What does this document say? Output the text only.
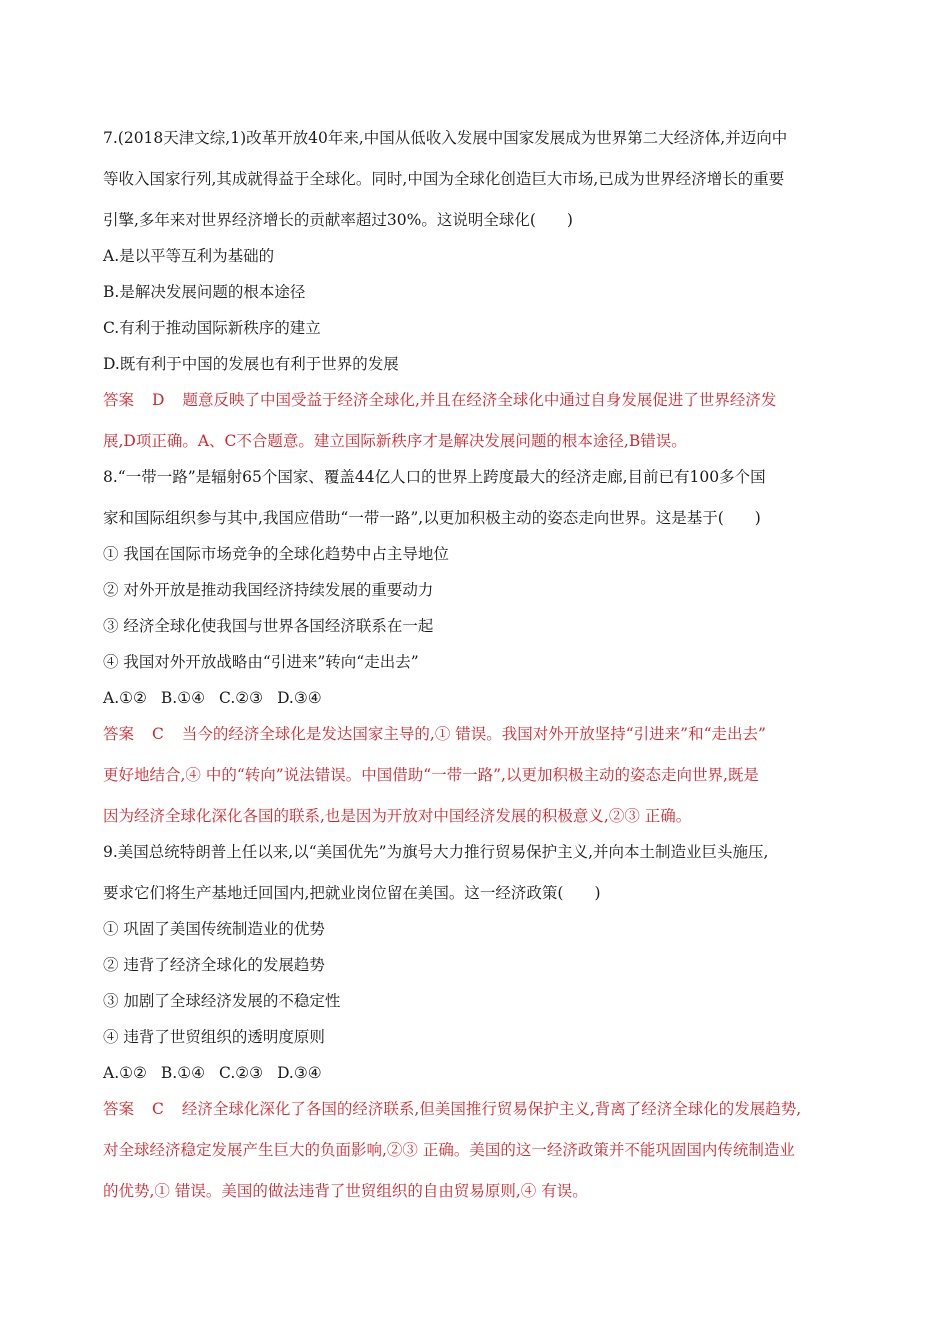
7.(2018天津文综,1)改革开放40年来,中国从低收入发展中国家发展成为世界第二大经济体,并迈向中
等收入国家行列,其成就得益于全球化。同时,中国为全球化创造巨大市场,已成为世界经济增长的重要
引擎,多年来对世界经济增长的贡献率超过30%。这说明全球化(　　)
A.是以平等互利为基础的
B.是解决发展问题的根本途径
C.有利于推动国际新秩序的建立
D.既有利于中国的发展也有利于世界的发展
答案 D 题意反映了中国受益于经济全球化,并且在经济全球化中通过自身发展促进了世界经济发
展,D项正确。A、C不合题意。建立国际新秩序才是解决发展问题的根本途径,B错误。
8.“一带一路”是辐射65个国家、覆盖44亿人口的世界上跨度最大的经济走廊,目前已有100多个国
家和国际组织参与其中,我国应借助“一带一路”,以更加积极主动的姿态走向世界。这是基于(　　)
① 我国在国际市场竞争的全球化趋势中占主导地位
② 对外开放是推动我国经济持续发展的重要动力
③ 经济全球化使我国与世界各国经济联系在一起
④ 我国对外开放战略由“引进来”转向“走出去”
A.①② B.①④ C.②③ D.③④
答案 C 当今的经济全球化是发达国家主导的,① 错误。我国对外开放坚持“引进来”和“走出去”
更好地结合,④ 中的“转向”说法错误。中国借助“一带一路”,以更加积极主动的姿态走向世界,既是
因为经济全球化深化各国的联系,也是因为开放对中国经济发展的积极意义,②③ 正确。
9.美国总统特朗普上任以来,以“美国优先”为旗号大力推行贸易保护主义,并向本土制造业巨头施压,
要求它们将生产基地迁回国内,把就业岗位留在美国。这一经济政策(　　)
① 巩固了美国传统制造业的优势
② 违背了经济全球化的发展趋势
③ 加剧了全球经济发展的不稳定性
④ 违背了世贸组织的透明度原则
A.①② B.①④ C.②③ D.③④
答案 C 经济全球化深化了各国的经济联系,但美国推行贸易保护主义,背离了经济全球化的发展趋势,
对全球经济稳定发展产生巨大的负面影响,②③ 正确。美国的这一经济政策并不能巩固国内传统制造业
的优势,① 错误。美国的做法违背了世贸组织的自由贸易原则,④ 有误。
